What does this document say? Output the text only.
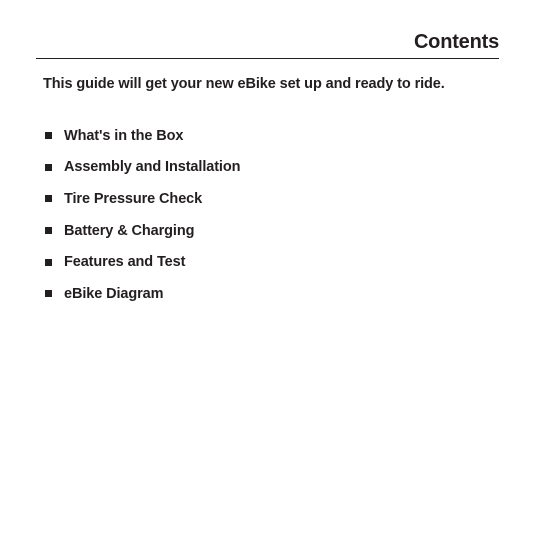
Contents

This guide will get your new eBike set up and ready to ride.

What's in the Box
Assembly and Installation
Tire Pressure Check
Battery & Charging
Features and Test
eBike Diagram
